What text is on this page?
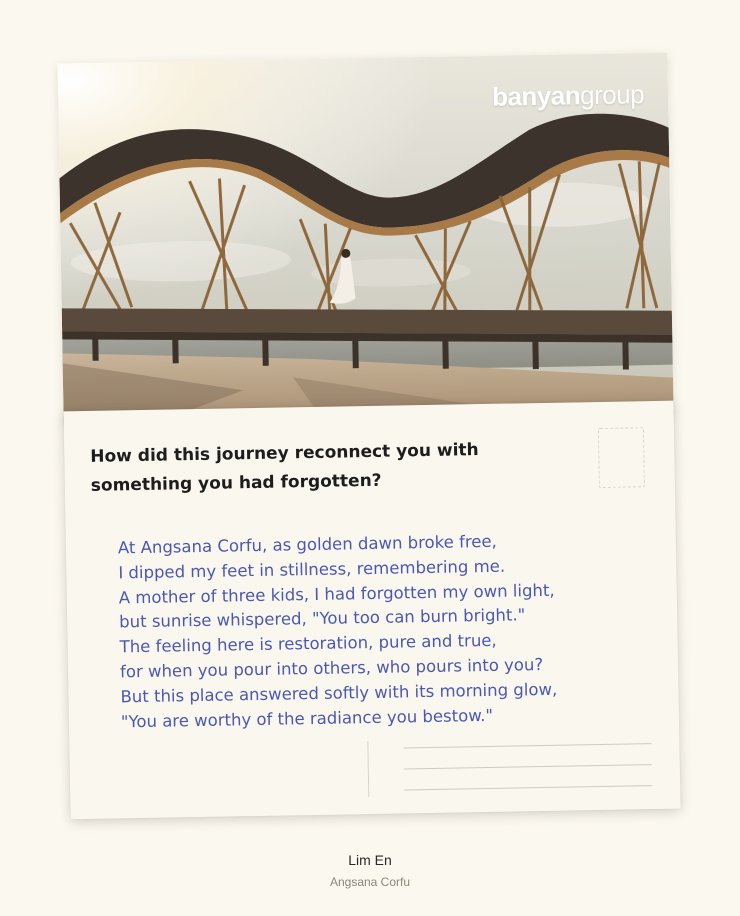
banyangroup
How did this journey reconnect you with something you had forgotten?
At Angsana Corfu, as golden dawn broke free,
I dipped my feet in stillness, remembering me.
A mother of three kids, I had forgotten my own light,
but sunrise whispered, "You too can burn bright."
The feeling here is restoration, pure and true,
for when you pour into others, who pours into you?
But this place answered softly with its morning glow,
"You are worthy of the radiance you bestow."
Lim En
Angsana Corfu
